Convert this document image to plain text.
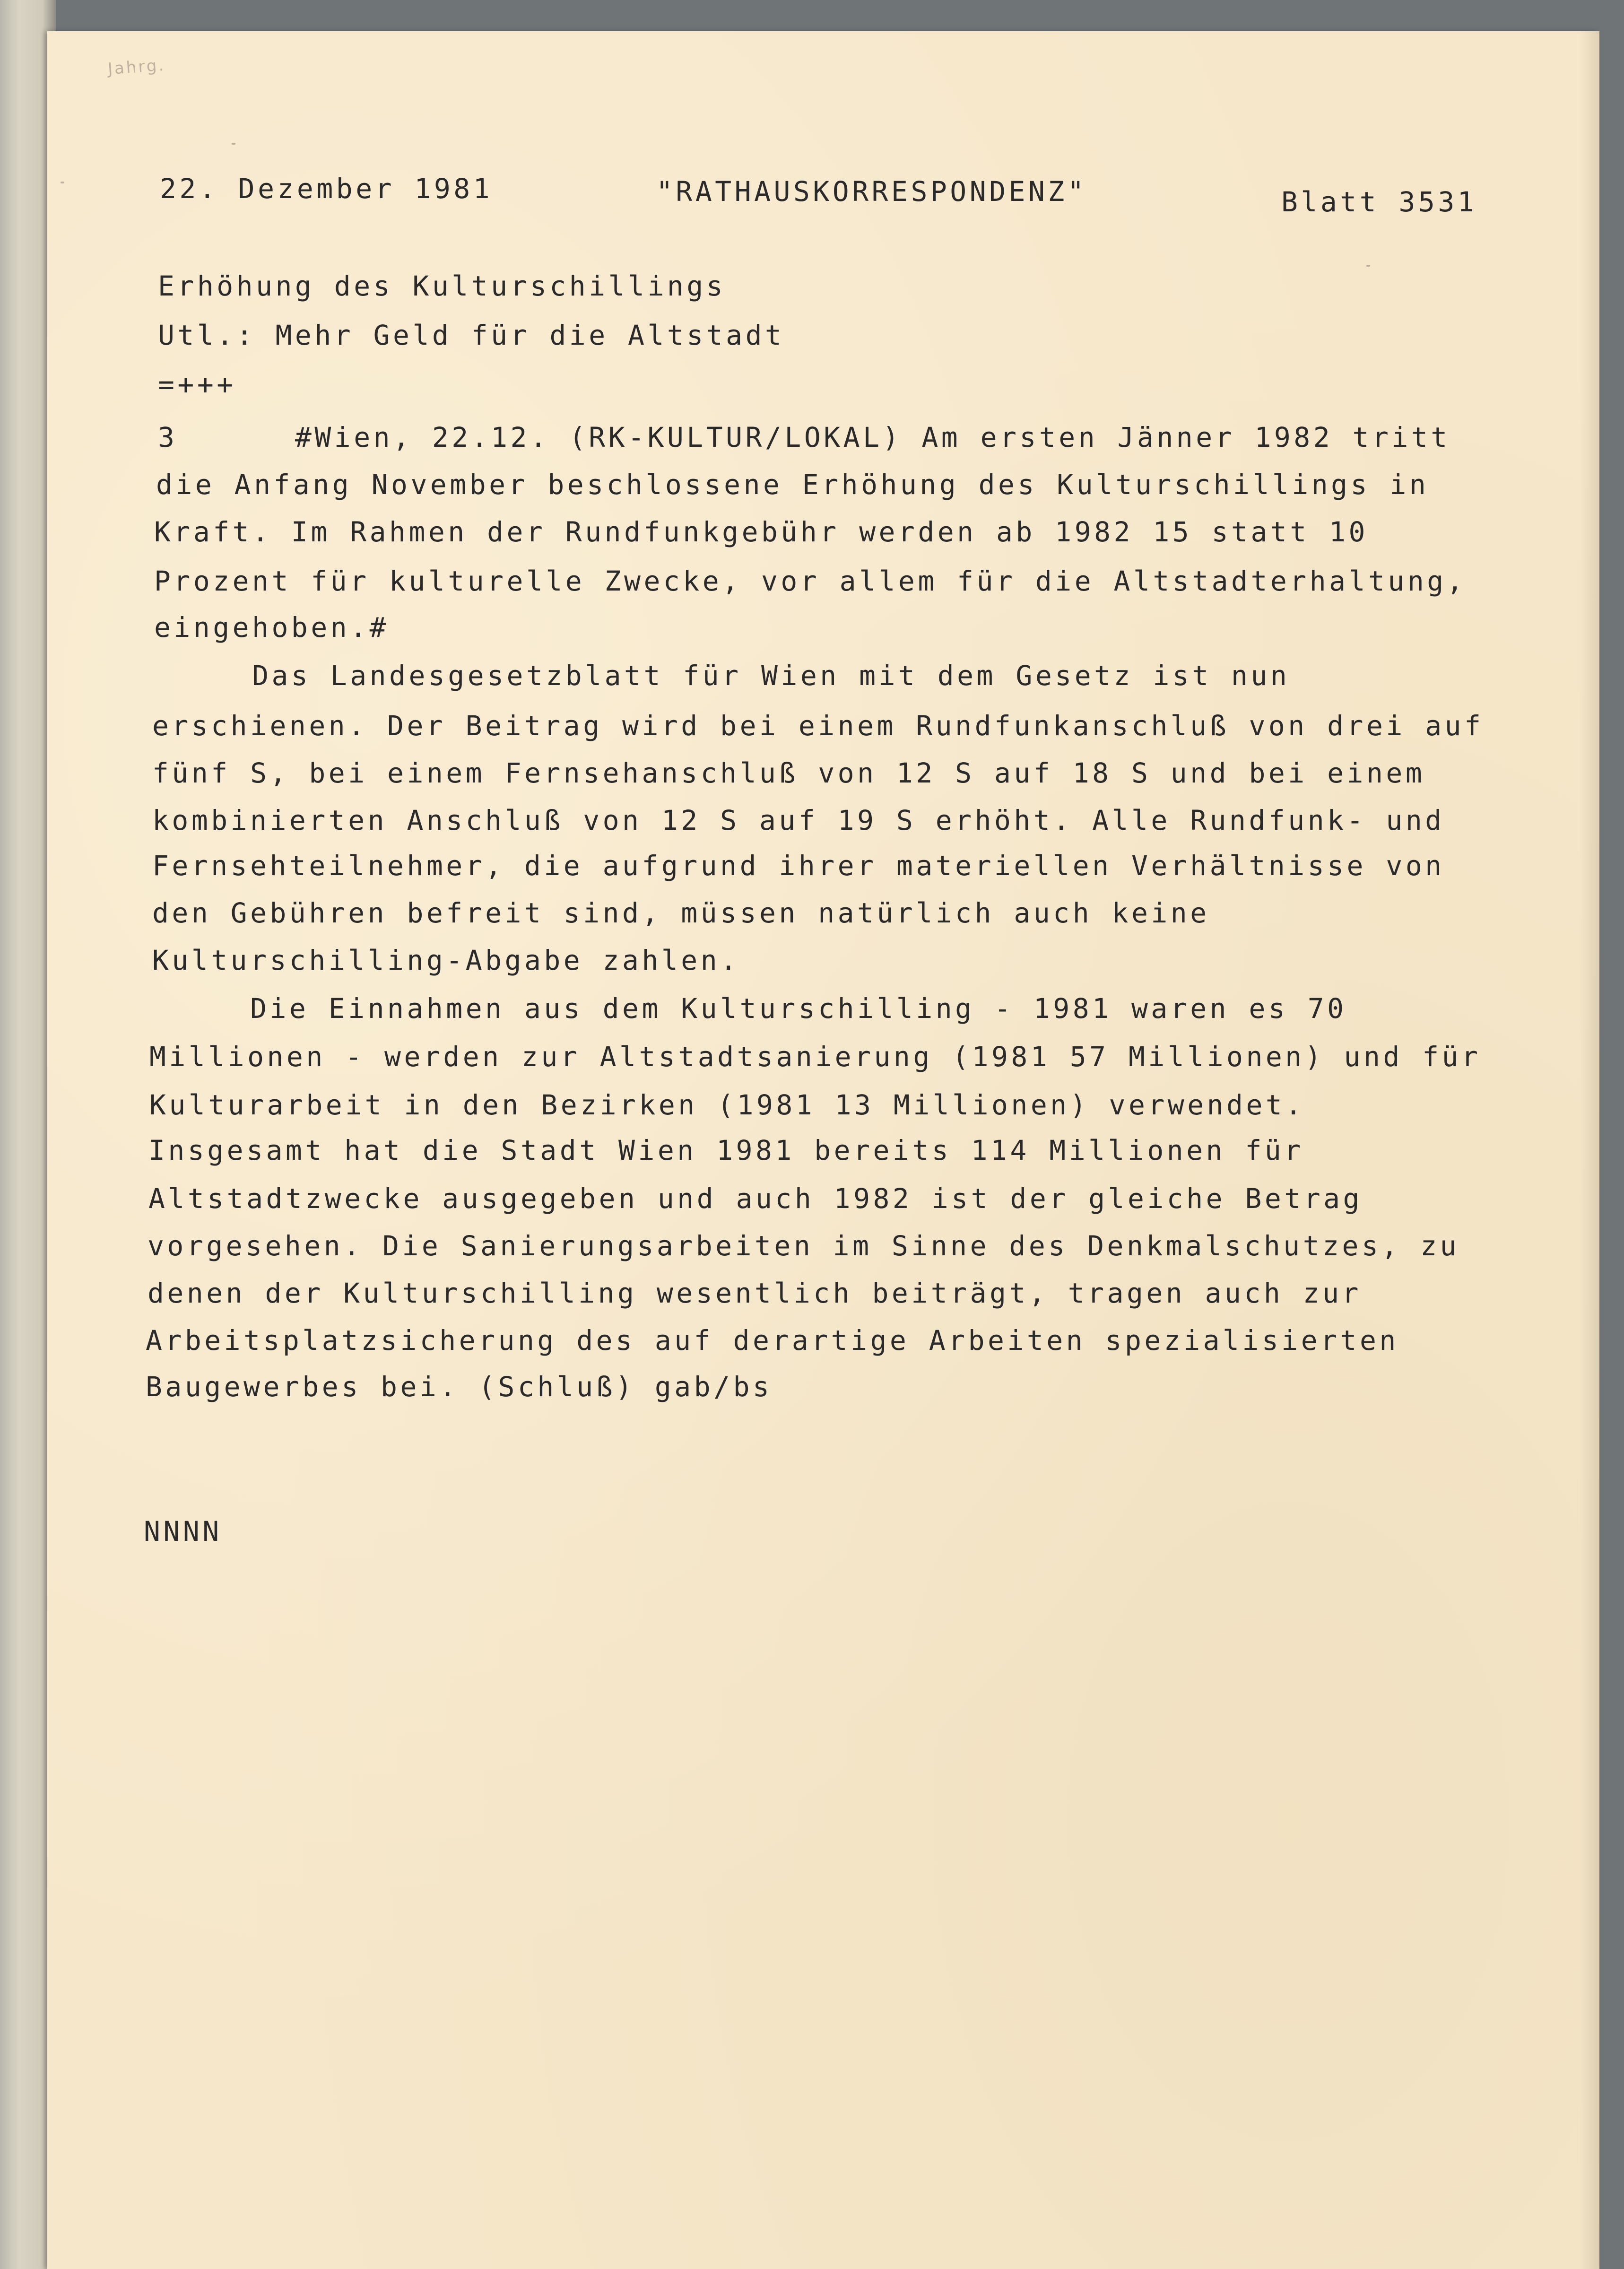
Jahrg.
22. Dezember 1981	"RATHAUSKORRESPONDENZ"	Blatt 3531
Erhöhung des Kulturschillings
Utl.: Mehr Geld für die Altstadt
=+++
3      #Wien, 22.12. (RK-KULTUR/LOKAL) Am ersten Jänner 1982 tritt
die Anfang November beschlossene Erhöhung des Kulturschillings in
Kraft. Im Rahmen der Rundfunkgebühr werden ab 1982 15 statt 10
Prozent für kulturelle Zwecke, vor allem für die Altstadterhaltung,
eingehoben.#
Das Landesgesetzblatt für Wien mit dem Gesetz ist nun
erschienen. Der Beitrag wird bei einem Rundfunkanschluß von drei auf
fünf S, bei einem Fernsehanschluß von 12 S auf 18 S und bei einem
kombinierten Anschluß von 12 S auf 19 S erhöht. Alle Rundfunk- und
Fernsehteilnehmer, die aufgrund ihrer materiellen Verhältnisse von
den Gebühren befreit sind, müssen natürlich auch keine
Kulturschilling-Abgabe zahlen.
Die Einnahmen aus dem Kulturschilling - 1981 waren es 70
Millionen - werden zur Altstadtsanierung (1981 57 Millionen) und für
Kulturarbeit in den Bezirken (1981 13 Millionen) verwendet.
Insgesamt hat die Stadt Wien 1981 bereits 114 Millionen für
Altstadtzwecke ausgegeben und auch 1982 ist der gleiche Betrag
vorgesehen. Die Sanierungsarbeiten im Sinne des Denkmalschutzes, zu
denen der Kulturschilling wesentlich beiträgt, tragen auch zur
Arbeitsplatzsicherung des auf derartige Arbeiten spezialisierten
Baugewerbes bei. (Schluß) gab/bs
NNNN
